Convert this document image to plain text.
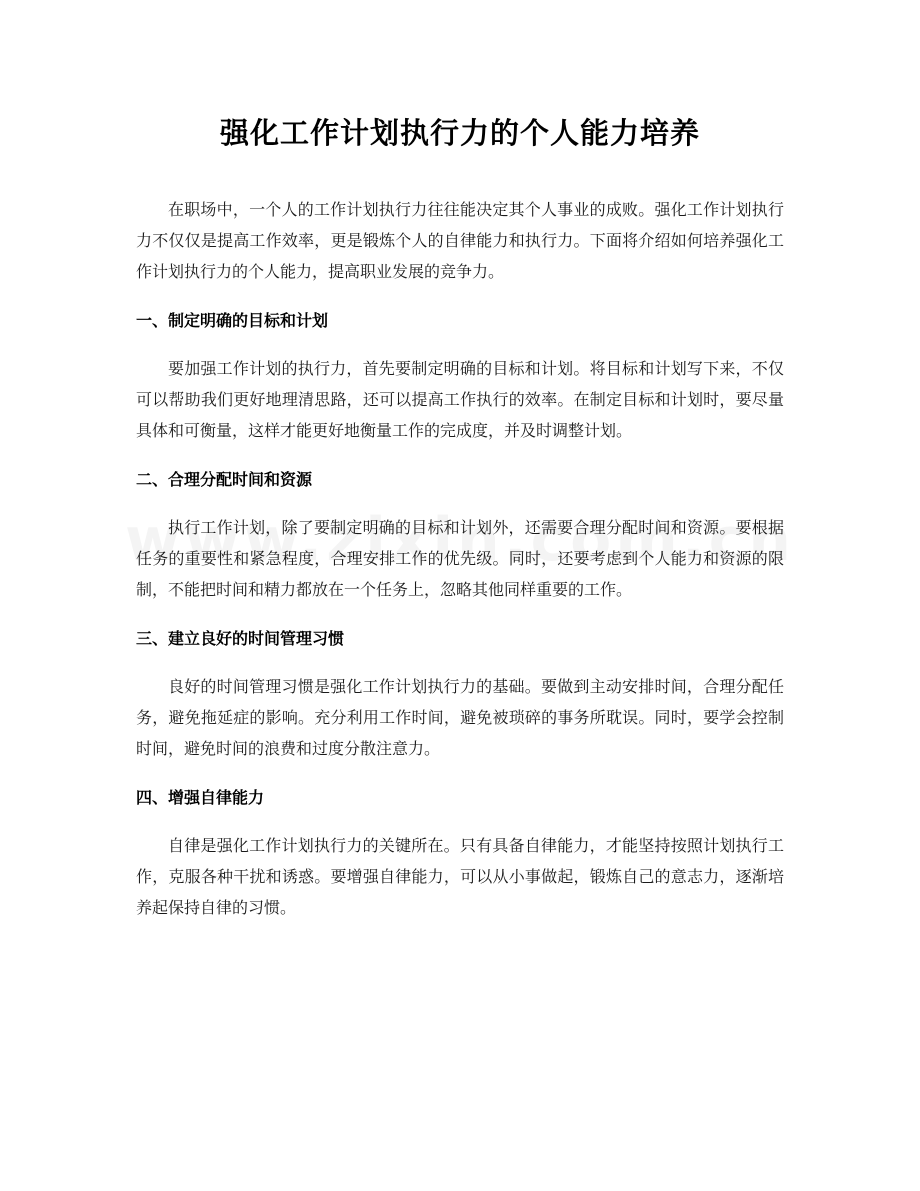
强化工作计划执行力的个人能力培养

在职场中，一个人的工作计划执行力往往能决定其个人事业的成败。强化工作计划执行力不仅仅是提高工作效率，更是锻炼个人的自律能力和执行力。下面将介绍如何培养强化工作计划执行力的个人能力，提高职业发展的竞争力。

一、制定明确的目标和计划

要加强工作计划的执行力，首先要制定明确的目标和计划。将目标和计划写下来，不仅可以帮助我们更好地理清思路，还可以提高工作执行的效率。在制定目标和计划时，要尽量具体和可衡量，这样才能更好地衡量工作的完成度，并及时调整计划。

二、合理分配时间和资源

执行工作计划，除了要制定明确的目标和计划外，还需要合理分配时间和资源。要根据任务的重要性和紧急程度，合理安排工作的优先级。同时，还要考虑到个人能力和资源的限制，不能把时间和精力都放在一个任务上，忽略其他同样重要的工作。

三、建立良好的时间管理习惯

良好的时间管理习惯是强化工作计划执行力的基础。要做到主动安排时间，合理分配任务，避免拖延症的影响。充分利用工作时间，避免被琐碎的事务所耽误。同时，要学会控制时间，避免时间的浪费和过度分散注意力。

四、增强自律能力

自律是强化工作计划执行力的关键所在。只有具备自律能力，才能坚持按照计划执行工作，克服各种干扰和诱惑。要增强自律能力，可以从小事做起，锻炼自己的意志力，逐渐培养起保持自律的习惯。
